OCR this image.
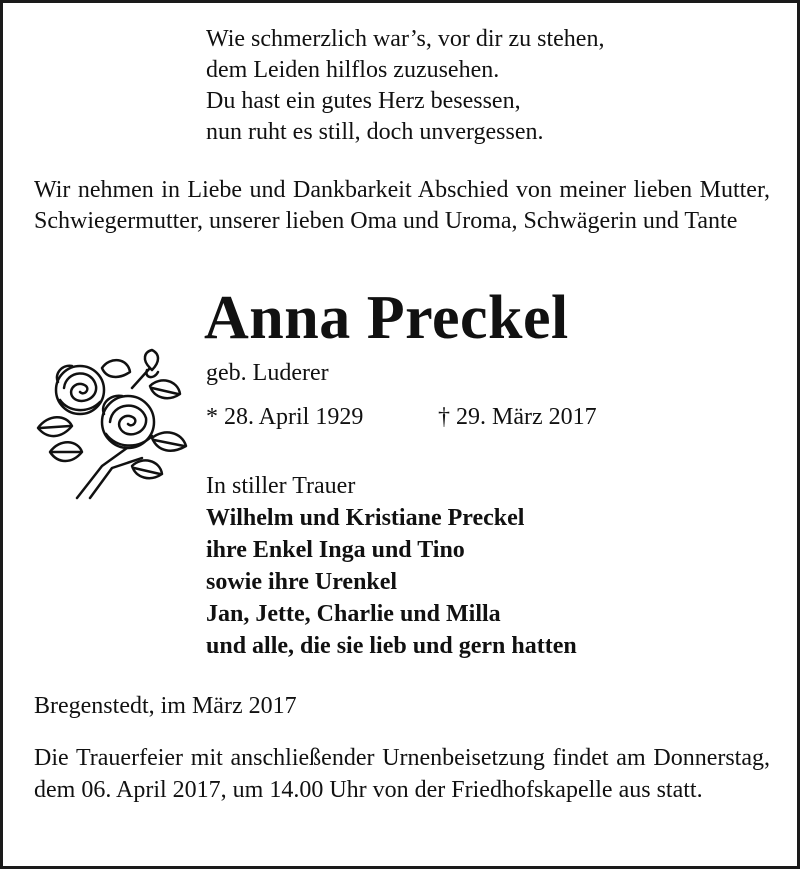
Wie schmerzlich war’s, vor dir zu stehen,
dem Leiden hilflos zuzusehen.
Du hast ein gutes Herz besessen,
nun ruht es still, doch unvergessen.
Wir nehmen in Liebe und Dankbarkeit Abschied von meiner lieben Mutter, Schwiegermutter, unserer lieben Oma und Uroma, Schwägerin und Tante
Anna Preckel
geb. Luderer
* 28. April 1929	† 29. März 2017
In stiller Trauer
Wilhelm und Kristiane Preckel
ihre Enkel Inga und Tino
sowie ihre Urenkel
Jan, Jette, Charlie und Milla
und alle, die sie lieb und gern hatten
Bregenstedt, im März 2017
Die Trauerfeier mit anschließender Urnenbeisetzung findet am Donnerstag, dem 06. April 2017, um 14.00 Uhr von der Friedhofskapelle aus statt.
